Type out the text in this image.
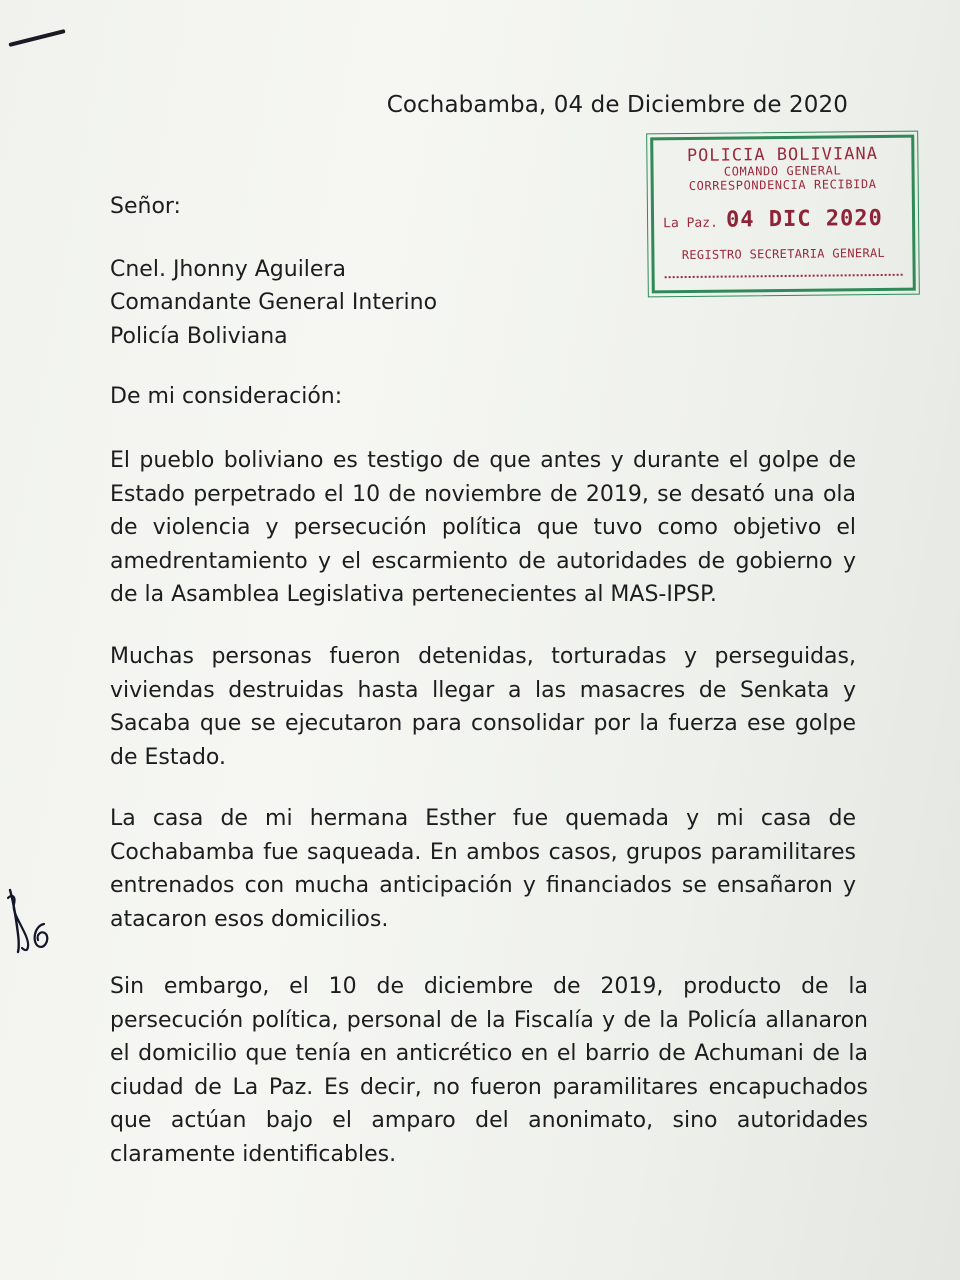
Cochabamba, 04 de Diciembre de 2020
POLICIA BOLIVIANA
COMANDO GENERAL
CORRESPONDENCIA RECIBIDA
La Paz. 04 DIC 2020
REGISTRO SECRETARIA GENERAL
Señor:
Cnel. Jhonny Aguilera
Comandante General Interino
Policía Boliviana
De mi consideración:
El pueblo boliviano es testigo de que antes y durante el golpe de Estado perpetrado el 10 de noviembre de 2019, se desató una ola de violencia y persecución política que tuvo como objetivo el amedrentamiento y el escarmiento de autoridades de gobierno y de la Asamblea Legislativa pertenecientes al MAS-IPSP.
Muchas personas fueron detenidas, torturadas y perseguidas, viviendas destruidas hasta llegar a las masacres de Senkata y Sacaba que se ejecutaron para consolidar por la fuerza ese golpe de Estado.
La casa de mi hermana Esther fue quemada y mi casa de Cochabamba fue saqueada. En ambos casos, grupos paramilitares entrenados con mucha anticipación y financiados se ensañaron y atacaron esos domicilios.
Sin embargo, el 10 de diciembre de 2019, producto de la persecución política, personal de la Fiscalía y de la Policía allanaron el domicilio que tenía en anticrético en el barrio de Achumani de la ciudad de La Paz. Es decir, no fueron paramilitares encapuchados que actúan bajo el amparo del anonimato, sino autoridades claramente identificables.
